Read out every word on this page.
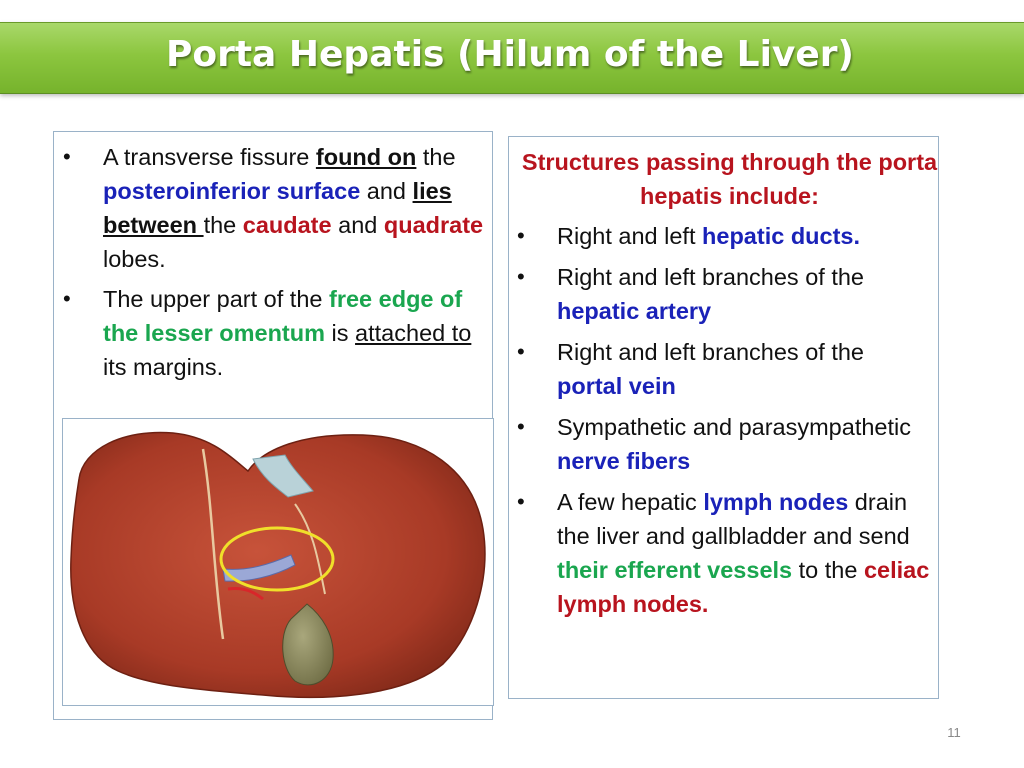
Porta Hepatis (Hilum of the Liver)
• A transverse fissure found on the posteroinferior surface and lies between the caudate and quadrate lobes.
• The upper part of the free edge of the lesser omentum is attached to its margins.
Structures passing through the porta hepatis include:
• Right and left hepatic ducts.
• Right and left branches of the hepatic artery
• Right and left branches of the portal vein
• Sympathetic and parasympathetic nerve fibers
• A few hepatic lymph nodes drain the liver and gallbladder and send their efferent vessels to the celiac lymph nodes.
11
